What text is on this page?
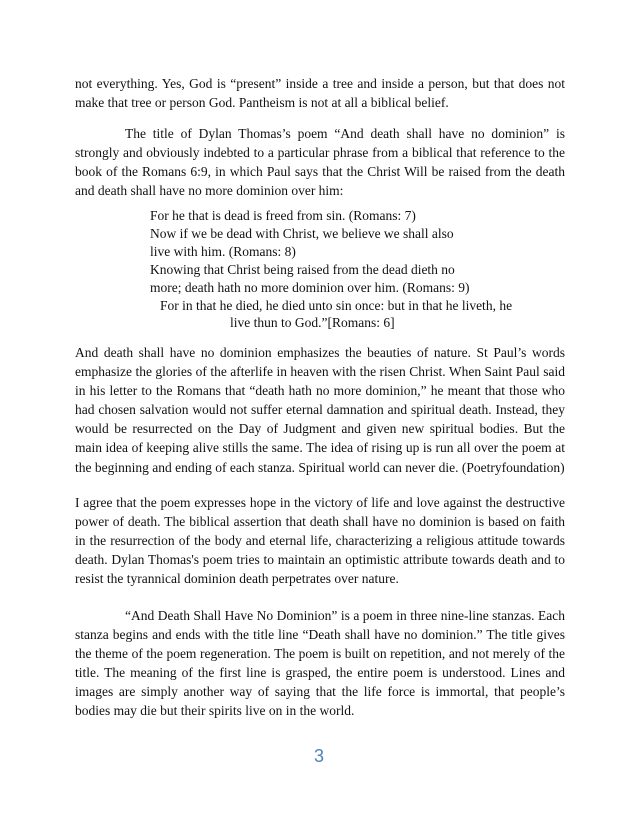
not everything. Yes, God is “present” inside a tree and inside a person, but that does not make that tree or person God. Pantheism is not at all a biblical belief.

The title of Dylan Thomas’s poem “And death shall have no dominion” is strongly and obviously indebted to a particular phrase from a biblical that reference to the book of the Romans 6:9, in which Paul says that the Christ Will be raised from the death and death shall have no more dominion over him:

For he that is dead is freed from sin. (Romans: 7)
Now if we be dead with Christ, we believe we shall also
live with him. (Romans: 8)
Knowing that Christ being raised from the dead dieth no
more; death hath no more dominion over him. (Romans: 9)
For in that he died, he died unto sin once: but in that he liveth, he
live thun to God.”[Romans: 6]

And death shall have no dominion emphasizes the beauties of nature. St Paul’s words emphasize the glories of the afterlife in heaven with the risen Christ. When Saint Paul said in his letter to the Romans that “death hath no more dominion,” he meant that those who had chosen salvation would not suffer eternal damnation and spiritual death. Instead, they would be resurrected on the Day of Judgment and given new spiritual bodies. But the main idea of keeping alive stills the same. The idea of rising up is run all over the poem at the beginning and ending of each stanza. Spiritual world can never die. (Poetryfoundation)

I agree that the poem expresses hope in the victory of life and love against the destructive power of death. The biblical assertion that death shall have no dominion is based on faith in the resurrection of the body and eternal life, characterizing a religious attitude towards death. Dylan Thomas's poem tries to maintain an optimistic attribute towards death and to resist the tyrannical dominion death perpetrates over nature.

“And Death Shall Have No Dominion” is a poem in three nine-line stanzas. Each stanza begins and ends with the title line “Death shall have no dominion.” The title gives the theme of the poem regeneration. The poem is built on repetition, and not merely of the title. The meaning of the first line is grasped, the entire poem is understood. Lines and images are simply another way of saying that the life force is immortal, that people’s bodies may die but their spirits live on in the world.

3
